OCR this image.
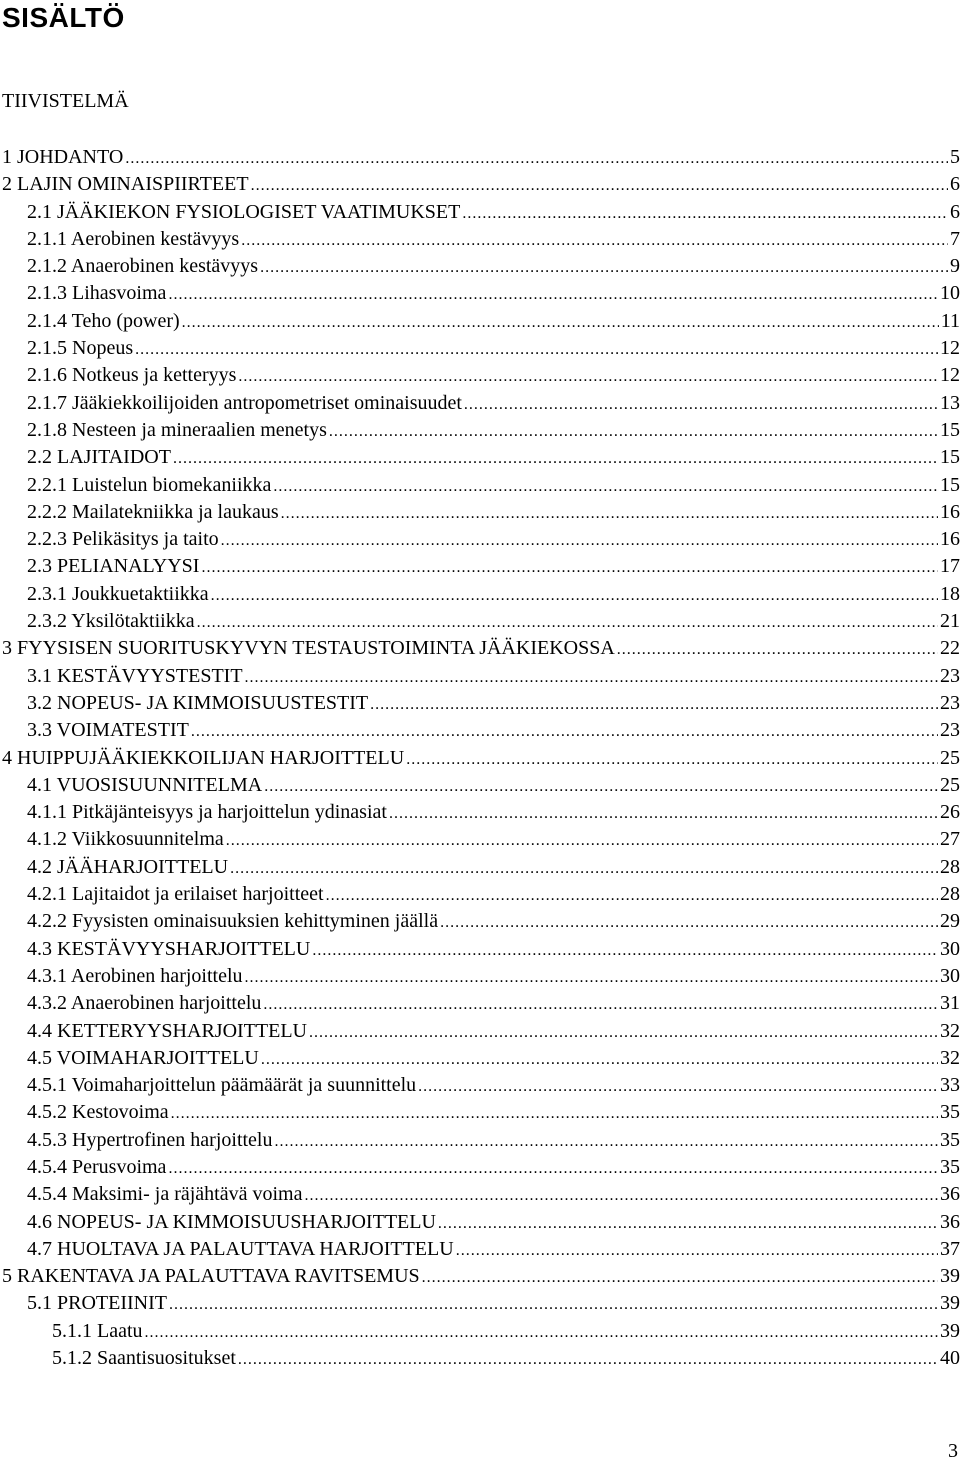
SISÄLTÖ
TIIVISTELMÄ
1 JOHDANTO .....	5
2 LAJIN OMINAISPIIRTEET .....	6
2.1 JÄÄKIEKON FYSIOLOGISET VAATIMUKSET .....	6
2.1.1 Aerobinen kestävyys .....	7
2.1.2 Anaerobinen kestävyys .....	9
2.1.3 Lihasvoima .....	10
2.1.4 Teho (power) .....	11
2.1.5 Nopeus .....	12
2.1.6 Notkeus ja ketteryys .....	12
2.1.7 Jääkiekkoilijoiden antropometriset ominaisuudet .....	13
2.1.8 Nesteen ja mineraalien menetys .....	15
2.2 LAJITAIDOT .....	15
2.2.1 Luistelun biomekaniikka .....	15
2.2.2 Mailatekniikka ja laukaus .....	16
2.2.3 Pelikäsitys ja taito .....	16
2.3 PELIANALYYSI .....	17
2.3.1 Joukkuetaktiikka .....	18
2.3.2 Yksilötaktiikka .....	21
3 FYYSISEN SUORITUSKYVYN TESTAUSTOIMINTA JÄÄKIEKOSSA .....	22
3.1 KESTÄVYYSTESTIT .....	23
3.2 NOPEUS- JA KIMMOISUUSTESTIT .....	23
3.3 VOIMATESTIT .....	23
4 HUIPPUJÄÄKIEKKOILIJAN HARJOITTELU .....	25
4.1 VUOSISUUNNITELMA .....	25
4.1.1 Pitkäjänteisyys ja harjoittelun ydinasiat .....	26
4.1.2 Viikkosuunnitelma .....	27
4.2 JÄÄHARJOITTELU .....	28
4.2.1 Lajitaidot ja erilaiset harjoitteet .....	28
4.2.2 Fyysisten ominaisuuksien kehittyminen jäällä .....	29
4.3 KESTÄVYYSHARJOITTELU .....	30
4.3.1 Aerobinen harjoittelu .....	30
4.3.2 Anaerobinen harjoittelu .....	31
4.4 KETTERYYSHARJOITTELU .....	32
4.5 VOIMAHARJOITTELU .....	32
4.5.1 Voimaharjoittelun päämäärät ja suunnittelu .....	33
4.5.2 Kestovoima .....	35
4.5.3 Hypertrofinen harjoittelu .....	35
4.5.4 Perusvoima .....	35
4.5.4 Maksimi- ja räjähtävä voima .....	36
4.6 NOPEUS- JA KIMMOISUUSHARJOITTELU .....	36
4.7 HUOLTAVA JA PALAUTTAVA HARJOITTELU .....	37
5 RAKENTAVA JA PALAUTTAVA RAVITSEMUS .....	39
5.1 PROTEIINIT .....	39
5.1.1 Laatu .....	39
5.1.2 Saantisuositukset .....	40
3
